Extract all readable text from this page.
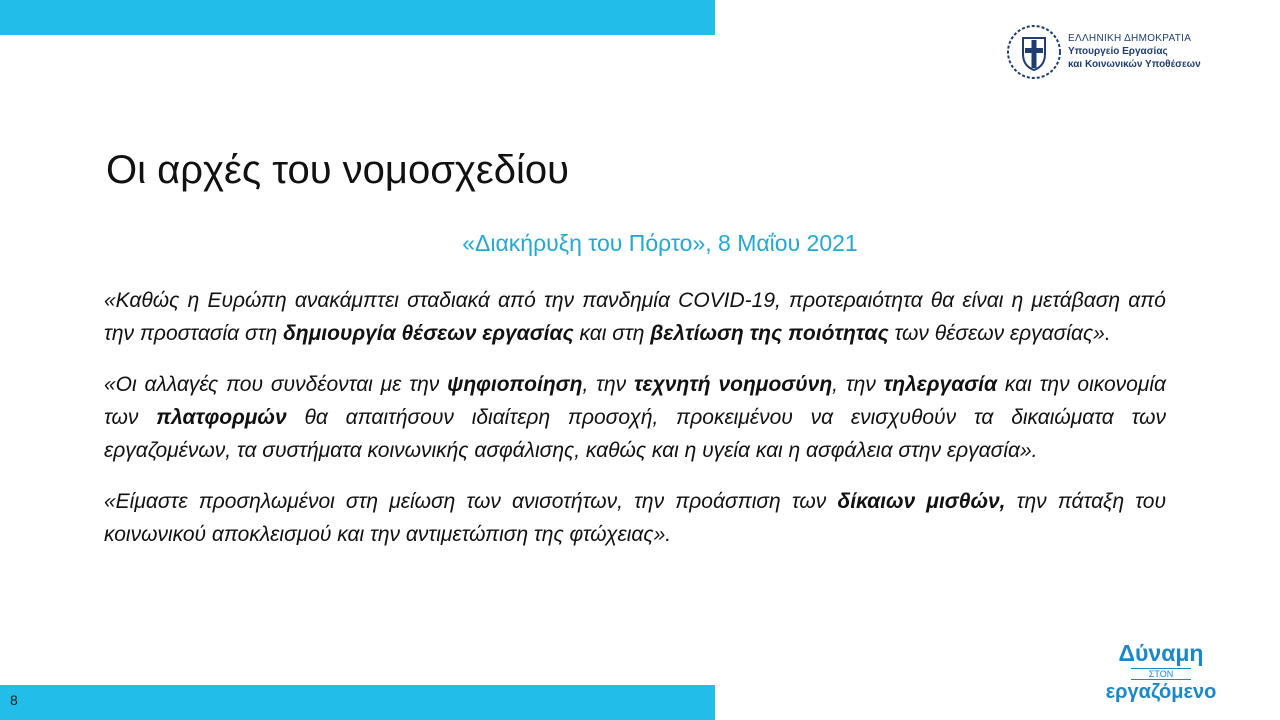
ΕΛΛΗΝΙΚΗ ΔΗΜΟΚΡΑΤΙΑ
Υπουργείο Εργασίας
και Κοινωνικών Υποθέσεων
Οι αρχές του νομοσχεδίου
«Διακήρυξη του Πόρτο», 8 Μαΐου 2021

«Καθώς η Ευρώπη ανακάμπτει σταδιακά από την πανδημία COVID-19, προτεραιότητα θα είναι η μετάβαση από την προστασία στη δημιουργία θέσεων εργασίας και στη βελτίωση της ποιότητας των θέσεων εργασίας».

«Οι αλλαγές που συνδέονται με την ψηφιοποίηση, την τεχνητή νοημοσύνη, την τηλεργασία και την οικονομία των πλατφορμών θα απαιτήσουν ιδιαίτερη προσοχή, προκειμένου να ενισχυθούν τα δικαιώματα των εργαζομένων, τα συστήματα κοινωνικής ασφάλισης, καθώς και η υγεία και η ασφάλεια στην εργασία».

«Είμαστε προσηλωμένοι στη μείωση των ανισοτήτων, την προάσπιση των δίκαιων μισθών, την πάταξη του κοινωνικού αποκλεισμού και την αντιμετώπιση της φτώχειας».

Δύναμη
ΣΤΟΝ
εργαζόμενο
8
